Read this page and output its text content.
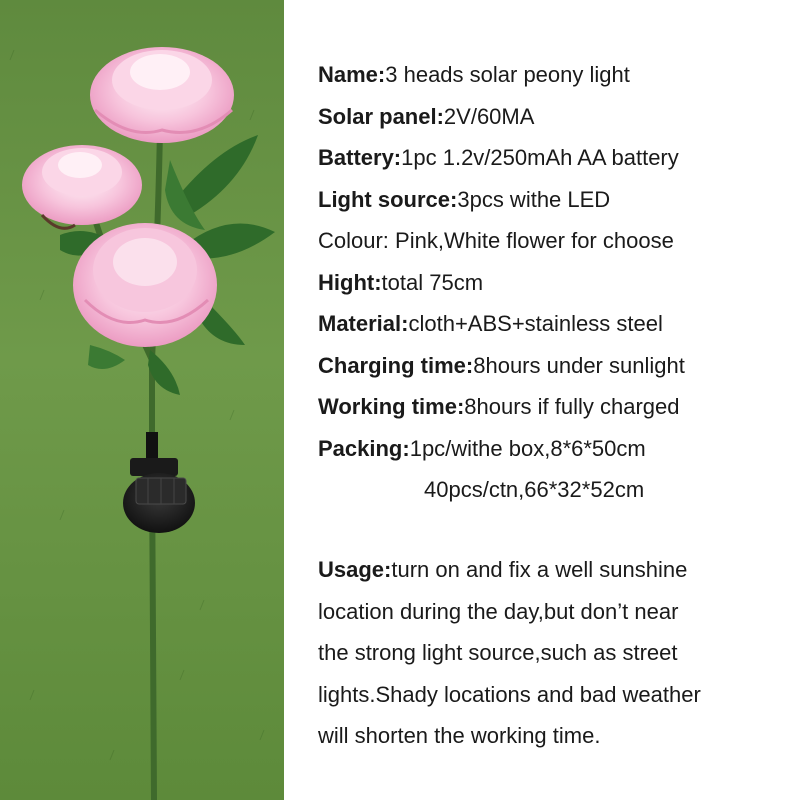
Name:3 heads solar peony light
Solar panel:2V/60MA
Battery:1pc 1.2v/250mAh AA battery
Light source:3pcs withe LED
Colour: Pink,White flower for choose
Hight:total 75cm
Material:cloth+ABS+stainless steel
Charging time:8hours under sunlight
Working time:8hours if fully charged
Packing:1pc/withe box,8*6*50cm
40pcs/ctn,66*32*52cm
Usage:turn on and fix a well sunshine
location during the day,but don’t near
the strong light source,such as street
lights.Shady locations and bad weather
will shorten the working time.
